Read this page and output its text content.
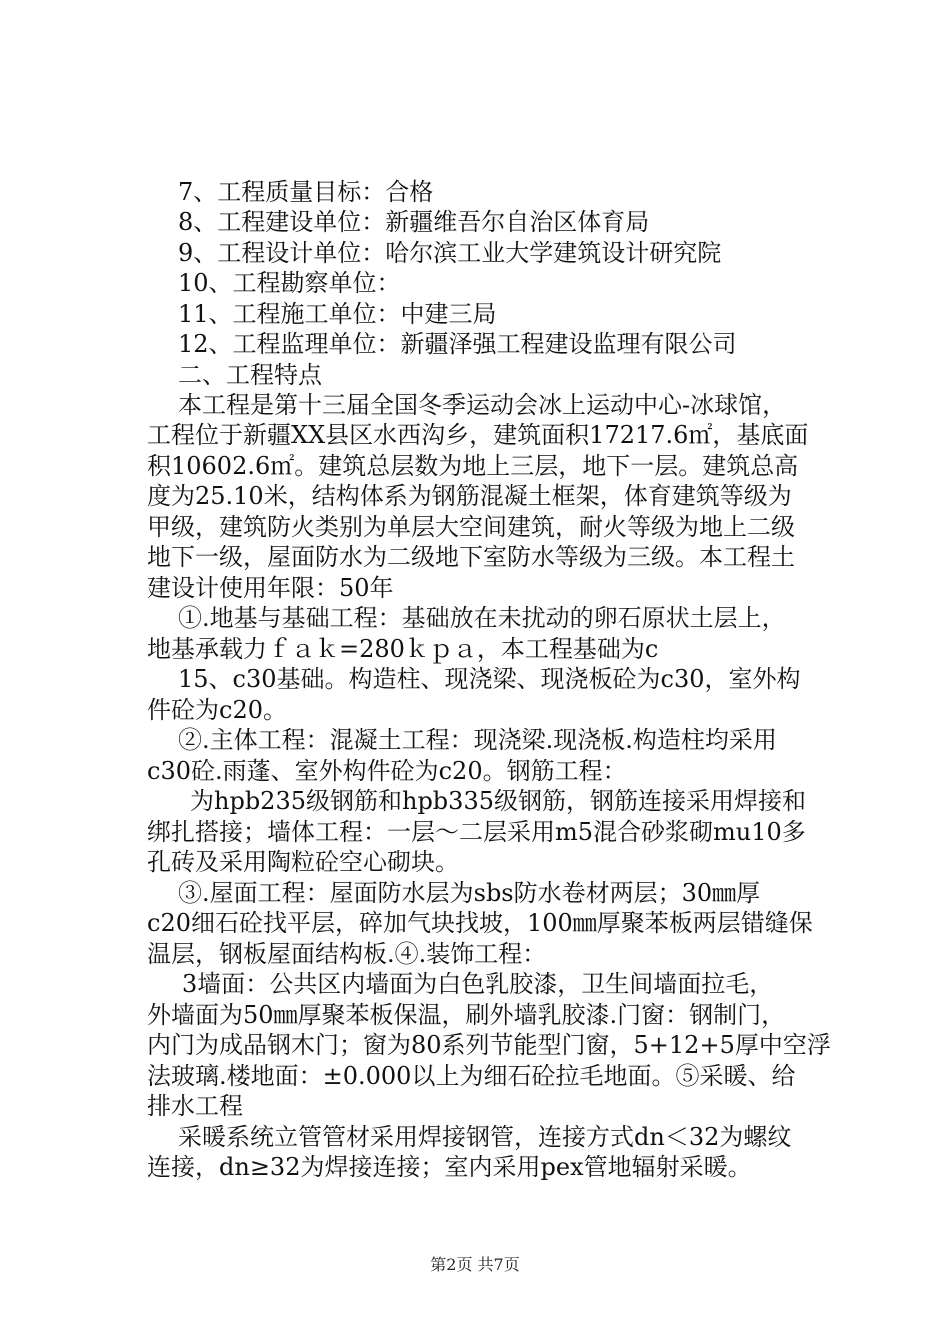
7、工程质量目标：合格
8、工程建设单位：新疆维吾尔自治区体育局
9、工程设计单位：哈尔滨工业大学建筑设计研究院
10、工程勘察单位：
11、工程施工单位：中建三局
12、工程监理单位：新疆泽强工程建设监理有限公司
二、工程特点
本工程是第十三届全国冬季运动会冰上运动中心-冰球馆，
工程位于新疆XX县区水西沟乡，建筑面积17217.6㎡，基底面
积10602.6㎡。建筑总层数为地上三层，地下一层。建筑总高
度为25.10米，结构体系为钢筋混凝土框架，体育建筑等级为
甲级，建筑防火类别为单层大空间建筑，耐火等级为地上二级
地下一级，屋面防水为二级地下室防水等级为三级。本工程土
建设计使用年限：50年
①.地基与基础工程：基础放在未扰动的卵石原状土层上，
地基承载力ｆａｋ=280ｋｐａ，本工程基础为c
15、c30基础。构造柱、现浇梁、现浇板砼为c30，室外构
件砼为c20。
②.主体工程：混凝土工程：现浇梁.现浇板.构造柱均采用
c30砼.雨蓬、室外构件砼为c20。钢筋工程：
为hpb235级钢筋和hpb335级钢筋，钢筋连接采用焊接和
绑扎搭接；墙体工程：一层～二层采用m5混合砂浆砌mu10多
孔砖及采用陶粒砼空心砌块。
③.屋面工程：屋面防水层为sbs防水卷材两层；30㎜厚
c20细石砼找平层，碎加气块找坡，100㎜厚聚苯板两层错缝保
温层，钢板屋面结构板.④.装饰工程：
3墙面：公共区内墙面为白色乳胶漆，卫生间墙面拉毛，
外墙面为50㎜厚聚苯板保温，刷外墙乳胶漆.门窗：钢制门，
内门为成品钢木门；窗为80系列节能型门窗，5+12+5厚中空浮
法玻璃.楼地面：±0.000以上为细石砼拉毛地面。⑤采暖、给
排水工程
采暖系统立管管材采用焊接钢管，连接方式dn＜32为螺纹
连接，dn≥32为焊接连接；室内采用pex管地辐射采暖。
第2页 共7页
